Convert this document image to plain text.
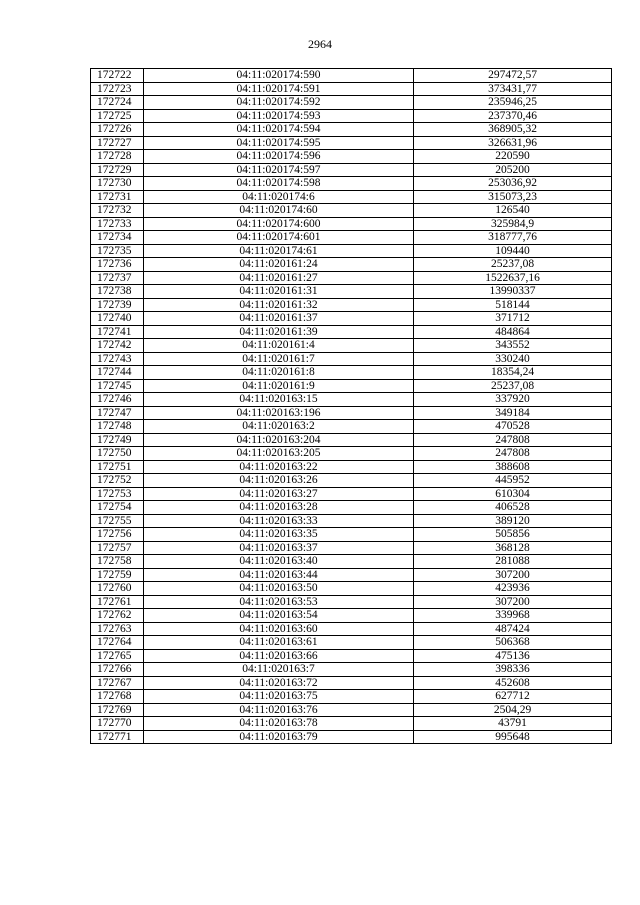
2964
172722	04:11:020174:590	297472,57
172723	04:11:020174:591	373431,77
172724	04:11:020174:592	235946,25
172725	04:11:020174:593	237370,46
172726	04:11:020174:594	368905,32
172727	04:11:020174:595	326631,96
172728	04:11:020174:596	220590
172729	04:11:020174:597	205200
172730	04:11:020174:598	253036,92
172731	04:11:020174:6	315073,23
172732	04:11:020174:60	126540
172733	04:11:020174:600	325984,9
172734	04:11:020174:601	318777,76
172735	04:11:020174:61	109440
172736	04:11:020161:24	25237,08
172737	04:11:020161:27	1522637,16
172738	04:11:020161:31	13990337
172739	04:11:020161:32	518144
172740	04:11:020161:37	371712
172741	04:11:020161:39	484864
172742	04:11:020161:4	343552
172743	04:11:020161:7	330240
172744	04:11:020161:8	18354,24
172745	04:11:020161:9	25237,08
172746	04:11:020163:15	337920
172747	04:11:020163:196	349184
172748	04:11:020163:2	470528
172749	04:11:020163:204	247808
172750	04:11:020163:205	247808
172751	04:11:020163:22	388608
172752	04:11:020163:26	445952
172753	04:11:020163:27	610304
172754	04:11:020163:28	406528
172755	04:11:020163:33	389120
172756	04:11:020163:35	505856
172757	04:11:020163:37	368128
172758	04:11:020163:40	281088
172759	04:11:020163:44	307200
172760	04:11:020163:50	423936
172761	04:11:020163:53	307200
172762	04:11:020163:54	339968
172763	04:11:020163:60	487424
172764	04:11:020163:61	506368
172765	04:11:020163:66	475136
172766	04:11:020163:7	398336
172767	04:11:020163:72	452608
172768	04:11:020163:75	627712
172769	04:11:020163:76	2504,29
172770	04:11:020163:78	43791
172771	04:11:020163:79	995648
